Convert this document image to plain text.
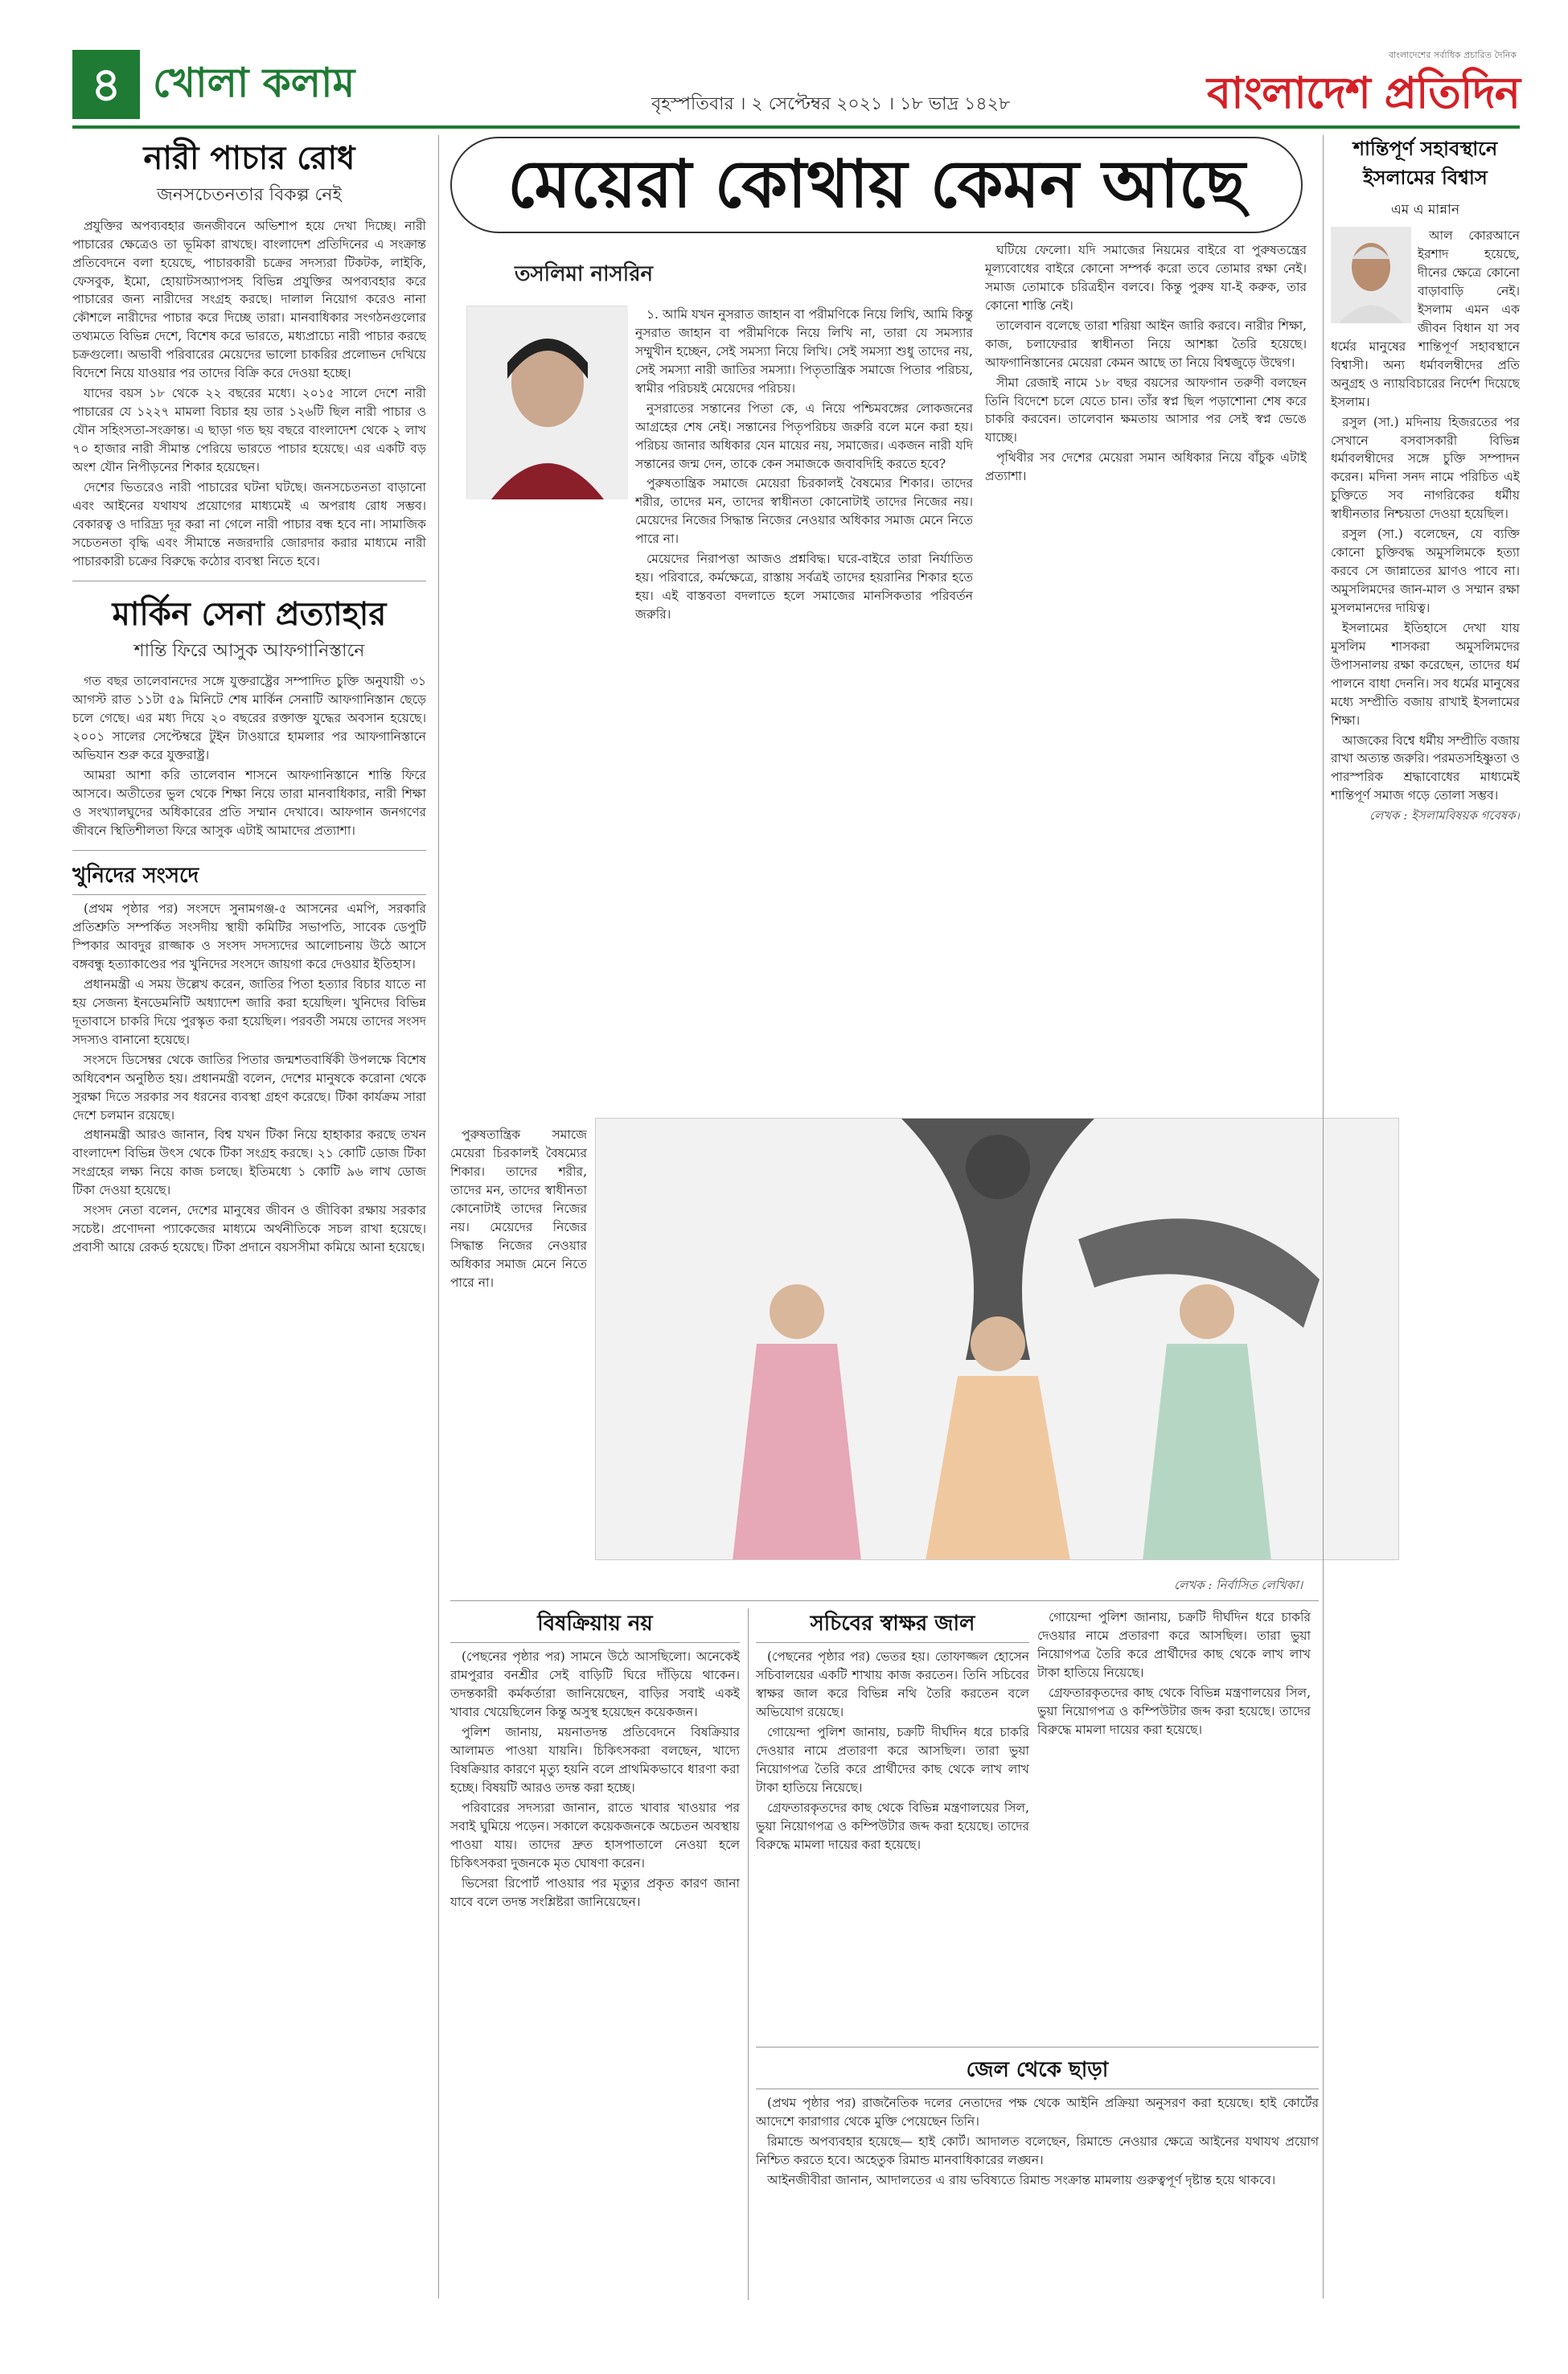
৪ খোলা কলাম	বৃহস্পতিবার । ২ সেপ্টেম্বর ২০২১ । ১৮ ভাদ্র ১৪২৮
বাংলাদেশের সর্বাধিক প্রচারিত দৈনিক
বাংলাদেশ প্রতিদিন
নারী পাচার রোধ
জনসচেতনতার বিকল্প নেই

প্রযুক্তির অপব্যবহার জনজীবনে অভিশাপ হয়ে দেখা দিচ্ছে। নারী পাচারের ক্ষেত্রেও তা ভূমিকা রাখছে। বাংলাদেশ প্রতিদিনের এ সংক্রান্ত প্রতিবেদনে বলা হয়েছে, পাচারকারী চক্রের সদস্যরা টিকটক, লাইকি, ফেসবুক, ইমো, হোয়াটসঅ্যাপসহ বিভিন্ন প্রযুক্তির অপব্যবহার করে পাচারের জন্য নারীদের সংগ্রহ করছে। দালাল নিয়োগ করেও নানা কৌশলে নারীদের পাচার করে দিচ্ছে তারা। মানবাধিকার সংগঠনগুলোর তথ্যমতে বিভিন্ন দেশে, বিশেষ করে ভারতে, মধ্যপ্রাচ্যে নারী পাচার করছে চক্রগুলো। অভাবী পরিবারের মেয়েদের ভালো চাকরির প্রলোভন দেখিয়ে বিদেশে নিয়ে যাওয়ার পর তাদের বিক্রি করে দেওয়া হচ্ছে।

যাদের বয়স ১৮ থেকে ২২ বছরের মধ্যে। ২০১৫ সালে দেশে নারী পাচারের যে ১২২৭ মামলা বিচার হয় তার ১২৬টি ছিল নারী পাচার ও যৌন সহিংসতা-সংক্রান্ত। এ ছাড়া গত ছয় বছরে বাংলাদেশ থেকে ২ লাখ ৭০ হাজার নারী সীমান্ত পেরিয়ে ভারতে পাচার হয়েছে। এর একটি বড় অংশ যৌন নিপীড়নের শিকার হয়েছেন।

দেশের ভিতরেও নারী পাচারের ঘটনা ঘটছে। জনসচেতনতা বাড়ানো এবং আইনের যথাযথ প্রয়োগের মাধ্যমেই এ অপরাধ রোধ সম্ভব। বেকারত্ব ও দারিদ্র্য দূর করা না গেলে নারী পাচার বন্ধ হবে না। সামাজিক সচেতনতা বৃদ্ধি এবং সীমান্তে নজরদারি জোরদার করার মাধ্যমে নারী পাচারকারী চক্রের বিরুদ্ধে কঠোর ব্যবস্থা নিতে হবে।

মার্কিন সেনা প্রত্যাহার
শান্তি ফিরে আসুক আফগানিস্তানে

গত বছর তালেবানদের সঙ্গে যুক্তরাষ্ট্রের সম্পাদিত চুক্তি অনুযায়ী ৩১ আগস্ট রাত ১১টা ৫৯ মিনিটে শেষ মার্কিন সেনাটি আফগানিস্তান ছেড়ে চলে গেছে। এর মধ্য দিয়ে ২০ বছরের রক্তাক্ত যুদ্ধের অবসান হয়েছে। ২০০১ সালের সেপ্টেম্বরে টুইন টাওয়ারে হামলার পর আফগানিস্তানে অভিযান শুরু করে যুক্তরাষ্ট্র।

আমরা আশা করি তালেবান শাসনে আফগানিস্তানে শান্তি ফিরে আসবে। অতীতের ভুল থেকে শিক্ষা নিয়ে তারা মানবাধিকার, নারী শিক্ষা ও সংখ্যালঘুদের অধিকারের প্রতি সম্মান দেখাবে। আফগান জনগণের জীবনে স্থিতিশীলতা ফিরে আসুক এটাই আমাদের প্রত্যাশা।

খুনিদের সংসদে

(প্রথম পৃষ্ঠার পর) সংসদে সুনামগঞ্জ-৫ আসনের এমপি, সরকারি প্রতিশ্রুতি সম্পর্কিত সংসদীয় স্থায়ী কমিটির সভাপতি, সাবেক ডেপুটি স্পিকার আবদুর রাজ্জাক ও সংসদ সদস্যদের আলোচনায় উঠে আসে বঙ্গবন্ধু হত্যাকাণ্ডের পর খুনিদের সংসদে জায়গা করে দেওয়ার ইতিহাস।

প্রধানমন্ত্রী এ সময় উল্লেখ করেন, জাতির পিতা হত্যার বিচার যাতে না হয় সেজন্য ইনডেমনিটি অধ্যাদেশ জারি করা হয়েছিল। খুনিদের বিভিন্ন দূতাবাসে চাকরি দিয়ে পুরস্কৃত করা হয়েছিল। পরবর্তী সময়ে তাদের সংসদ সদস্যও বানানো হয়েছে।

সংসদে ডিসেম্বর থেকে জাতির পিতার জন্মশতবার্ষিকী উপলক্ষে বিশেষ অধিবেশন অনুষ্ঠিত হয়। প্রধানমন্ত্রী বলেন, দেশের মানুষকে করোনা থেকে সুরক্ষা দিতে সরকার সব ধরনের ব্যবস্থা গ্রহণ করেছে। টিকা কার্যক্রম সারা দেশে চলমান রয়েছে।

প্রধানমন্ত্রী আরও জানান, বিশ্ব যখন টিকা নিয়ে হাহাকার করছে তখন বাংলাদেশ বিভিন্ন উৎস থেকে টিকা সংগ্রহ করছে। ২১ কোটি ডোজ টিকা সংগ্রহের লক্ষ্য নিয়ে কাজ চলছে। ইতিমধ্যে ১ কোটি ৯৬ লাখ ডোজ টিকা দেওয়া হয়েছে।

সংসদ নেতা বলেন, দেশের মানুষের জীবন ও জীবিকা রক্ষায় সরকার সচেষ্ট। প্রণোদনা প্যাকেজের মাধ্যমে অর্থনীতিকে সচল রাখা হয়েছে। প্রবাসী আয়ে রেকর্ড হয়েছে। টিকা প্রদানে বয়সসীমা কমিয়ে আনা হয়েছে।

মেয়েরা কোথায় কেমন আছে
তসলিমা নাসরিন

১. আমি যখন নুসরাত জাহান বা পরীমণিকে নিয়ে লিখি, আমি কিন্তু নুসরাত জাহান বা পরীমণিকে নিয়ে লিখি না, তারা যে সমস্যার সম্মুখীন হচ্ছেন, সেই সমস্যা নিয়ে লিখি। সেই সমস্যা শুধু তাদের নয়, সেই সমস্যা নারী জাতির সমস্যা। পিতৃতান্ত্রিক সমাজে পিতার পরিচয়, স্বামীর পরিচয়ই মেয়েদের পরিচয়।

নুসরাতের সন্তানের পিতা কে, এ নিয়ে পশ্চিমবঙ্গের লোকজনের আগ্রহের শেষ নেই। সন্তানের পিতৃপরিচয় জরুরি বলে মনে করা হয়। পরিচয় জানার অধিকার যেন মায়ের নয়, সমাজের। একজন নারী যদি সন্তানের জন্ম দেন, তাকে কেন সমাজকে জবাবদিহি করতে হবে?

পুরুষতান্ত্রিক সমাজে মেয়েরা চিরকালই বৈষম্যের শিকার। তাদের শরীর, তাদের মন, তাদের স্বাধীনতা কোনোটাই তাদের নিজের নয়। মেয়েদের নিজের সিদ্ধান্ত নিজের নেওয়ার অধিকার সমাজ মেনে নিতে পারে না।

মেয়েদের নিরাপত্তা আজও প্রশ্নবিদ্ধ। ঘরে-বাইরে তারা নির্যাতিত হয়। পরিবারে, কর্মক্ষেত্রে, রাস্তায় সর্বত্রই তাদের হয়রানির শিকার হতে হয়। এই বাস্তবতা বদলাতে হলে সমাজের মানসিকতার পরিবর্তন জরুরি।

ঘটিয়ে ফেলো। যদি সমাজের নিয়মের বাইরে বা পুরুষতন্ত্রের মূল্যবোধের বাইরে কোনো সম্পর্ক করো তবে তোমার রক্ষা নেই। সমাজ তোমাকে চরিত্রহীন বলবে। কিন্তু পুরুষ যা-ই করুক, তার কোনো শাস্তি নেই।

তালেবান বলেছে তারা শরিয়া আইন জারি করবে। নারীর শিক্ষা, কাজ, চলাফেরার স্বাধীনতা নিয়ে আশঙ্কা তৈরি হয়েছে। আফগানিস্তানের মেয়েরা কেমন আছে তা নিয়ে বিশ্বজুড়ে উদ্বেগ।

সীমা রেজাই নামে ১৮ বছর বয়সের আফগান তরুণী বলছেন তিনি বিদেশে চলে যেতে চান। তাঁর স্বপ্ন ছিল পড়াশোনা শেষ করে চাকরি করবেন। তালেবান ক্ষমতায় আসার পর সেই স্বপ্ন ভেঙে যাচ্ছে।

পৃথিবীর সব দেশের মেয়েরা সমান অধিকার নিয়ে বাঁচুক এটাই প্রত্যাশা।

পুরুষতান্ত্রিক সমাজে মেয়েরা চিরকালই বৈষম্যের শিকার। তাদের শরীর, তাদের মন, তাদের স্বাধীনতা কোনোটাই তাদের নিজের নয়। মেয়েদের নিজের সিদ্ধান্ত নিজের নেওয়ার অধিকার সমাজ মেনে নিতে পারে না।

লেখক : নির্বাসিত লেখিকা।
বিষক্রিয়ায় নয়

(পেছনের পৃষ্ঠার পর) সামনে উঠে আসছিলো। অনেকেই রামপুরার বনশ্রীর সেই বাড়িটি ঘিরে দাঁড়িয়ে থাকেন। তদন্তকারী কর্মকর্তারা জানিয়েছেন, বাড়ির সবাই একই খাবার খেয়েছিলেন কিন্তু অসুস্থ হয়েছেন কয়েকজন।

পুলিশ জানায়, ময়নাতদন্ত প্রতিবেদনে বিষক্রিয়ার আলামত পাওয়া যায়নি। চিকিৎসকরা বলছেন, খাদ্যে বিষক্রিয়ার কারণে মৃত্যু হয়নি বলে প্রাথমিকভাবে ধারণা করা হচ্ছে। বিষয়টি আরও তদন্ত করা হচ্ছে।

পরিবারের সদস্যরা জানান, রাতে খাবার খাওয়ার পর সবাই ঘুমিয়ে পড়েন। সকালে কয়েকজনকে অচেতন অবস্থায় পাওয়া যায়। তাদের দ্রুত হাসপাতালে নেওয়া হলে চিকিৎসকরা দুজনকে মৃত ঘোষণা করেন।

ভিসেরা রিপোর্ট পাওয়ার পর মৃত্যুর প্রকৃত কারণ জানা যাবে বলে তদন্ত সংশ্লিষ্টরা জানিয়েছেন।

সচিবের স্বাক্ষর জাল

(পেছনের পৃষ্ঠার পর) ভেতর হয়। তোফাজ্জল হোসেন সচিবালয়ের একটি শাখায় কাজ করতেন। তিনি সচিবের স্বাক্ষর জাল করে বিভিন্ন নথি তৈরি করতেন বলে অভিযোগ রয়েছে।

গোয়েন্দা পুলিশ জানায়, চক্রটি দীর্ঘদিন ধরে চাকরি দেওয়ার নামে প্রতারণা করে আসছিল। তারা ভুয়া নিয়োগপত্র তৈরি করে প্রার্থীদের কাছ থেকে লাখ লাখ টাকা হাতিয়ে নিয়েছে।

গ্রেফতারকৃতদের কাছ থেকে বিভিন্ন মন্ত্রণালয়ের সিল, ভুয়া নিয়োগপত্র ও কম্পিউটার জব্দ করা হয়েছে। তাদের বিরুদ্ধে মামলা দায়ের করা হয়েছে।

গোয়েন্দা পুলিশ জানায়, চক্রটি দীর্ঘদিন ধরে চাকরি দেওয়ার নামে প্রতারণা করে আসছিল। তারা ভুয়া নিয়োগপত্র তৈরি করে প্রার্থীদের কাছ থেকে লাখ লাখ টাকা হাতিয়ে নিয়েছে।

গ্রেফতারকৃতদের কাছ থেকে বিভিন্ন মন্ত্রণালয়ের সিল, ভুয়া নিয়োগপত্র ও কম্পিউটার জব্দ করা হয়েছে। তাদের বিরুদ্ধে মামলা দায়ের করা হয়েছে।

জেল থেকে ছাড়া

(প্রথম পৃষ্ঠার পর) রাজনৈতিক দলের নেতাদের পক্ষ থেকে আইনি প্রক্রিয়া অনুসরণ করা হয়েছে। হাই কোর্টের আদেশে কারাগার থেকে মুক্তি পেয়েছেন তিনি।

রিমান্ডে অপব্যবহার হয়েছে— হাই কোর্ট। আদালত বলেছেন, রিমান্ডে নেওয়ার ক্ষেত্রে আইনের যথাযথ প্রয়োগ নিশ্চিত করতে হবে। অহেতুক রিমান্ড মানবাধিকারের লঙ্ঘন।

আইনজীবীরা জানান, আদালতের এ রায় ভবিষ্যতে রিমান্ড সংক্রান্ত মামলায় গুরুত্বপূর্ণ দৃষ্টান্ত হয়ে থাকবে।

শান্তিপূর্ণ সহাবস্থানে ইসলামের বিশ্বাস
এম এ মান্নান

আল কোরআনে ইরশাদ হয়েছে, দীনের ক্ষেত্রে কোনো বাড়াবাড়ি নেই। ইসলাম এমন এক জীবন বিধান যা সব ধর্মের মানুষের শান্তিপূর্ণ সহাবস্থানে বিশ্বাসী। অন্য ধর্মাবলম্বীদের প্রতি অনুগ্রহ ও ন্যায়বিচারের নির্দেশ দিয়েছে ইসলাম।

রসুল (সা.) মদিনায় হিজরতের পর সেখানে বসবাসকারী বিভিন্ন ধর্মাবলম্বীদের সঙ্গে চুক্তি সম্পাদন করেন। মদিনা সনদ নামে পরিচিত এই চুক্তিতে সব নাগরিকের ধর্মীয় স্বাধীনতার নিশ্চয়তা দেওয়া হয়েছিল।

রসুল (সা.) বলেছেন, যে ব্যক্তি কোনো চুক্তিবদ্ধ অমুসলিমকে হত্যা করবে সে জান্নাতের ঘ্রাণও পাবে না। অমুসলিমদের জান-মাল ও সম্মান রক্ষা মুসলমানদের দায়িত্ব।

ইসলামের ইতিহাসে দেখা যায় মুসলিম শাসকরা অমুসলিমদের উপাসনালয় রক্ষা করেছেন, তাদের ধর্ম পালনে বাধা দেননি। সব ধর্মের মানুষের মধ্যে সম্প্রীতি বজায় রাখাই ইসলামের শিক্ষা।

আজকের বিশ্বে ধর্মীয় সম্প্রীতি বজায় রাখা অত্যন্ত জরুরি। পরমতসহিষ্ণুতা ও পারস্পরিক শ্রদ্ধাবোধের মাধ্যমেই শান্তিপূর্ণ সমাজ গড়ে তোলা সম্ভব।

লেখক : ইসলামবিষয়ক গবেষক।
